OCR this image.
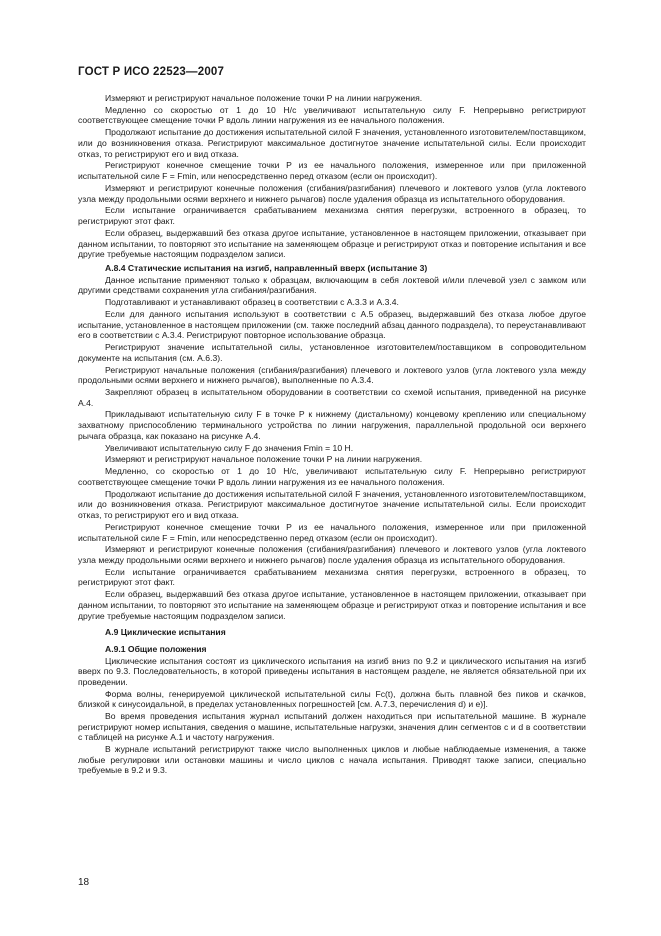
ГОСТ Р ИСО 22523—2007

Измеряют и регистрируют начальное положение точки Р на линии нагружения.

Медленно со скоростью от 1 до 10 Н/с увеличивают испытательную силу F. Непрерывно регистрируют соответствующее смещение точки Р вдоль линии нагружения из ее начального положения.

Продолжают испытание до достижения испытательной силой F значения, установленного изготовителем/поставщиком, или до возникновения отказа. Регистрируют максимальное достигнутое значение испытательной силы. Если происходит отказ, то регистрируют его и вид отказа.

Регистрируют конечное смещение точки Р из ее начального положения, измеренное или при приложенной испытательной силе F = Fmin, или непосредственно перед отказом (если он происходит).

Измеряют и регистрируют конечные положения (сгибания/разгибания) плечевого и локтевого узлов (угла локтевого узла между продольными осями верхнего и нижнего рычагов) после удаления образца из испытательного оборудования.

Если испытание ограничивается срабатыванием механизма снятия перегрузки, встроенного в образец, то регистрируют этот факт.

Если образец, выдержавший без отказа другое испытание, установленное в настоящем приложении, отказывает при данном испытании, то повторяют это испытание на заменяющем образце и регистрируют отказ и повторение испытания и все другие требуемые настоящим подразделом записи.

А.8.4 Статические испытания на изгиб, направленный вверх (испытание 3)

Данное испытание применяют только к образцам, включающим в себя локтевой и/или плечевой узел с замком или другими средствами сохранения угла сгибания/разгибания.

Подготавливают и устанавливают образец в соответствии с А.3.3 и А.3.4.

Если для данного испытания используют в соответствии с А.5 образец, выдержавший без отказа любое другое испытание, установленное в настоящем приложении (см. также последний абзац данного подраздела), то переустанавливают его в соответствии с А.3.4. Регистрируют повторное использование образца.

Регистрируют значение испытательной силы, установленное изготовителем/поставщиком в сопроводительном документе на испытания (см. А.6.3).

Регистрируют начальные положения (сгибания/разгибания) плечевого и локтевого узлов (угла локтевого узла между продольными осями верхнего и нижнего рычагов), выполненные по А.3.4.

Закрепляют образец в испытательном оборудовании в соответствии со схемой испытания, приведенной на рисунке А.4.

Прикладывают испытательную силу F в точке Р к нижнему (дистальному) концевому креплению или специальному захватному приспособлению терминального устройства по линии нагружения, параллельной продольной оси верхнего рычага образца, как показано на рисунке А.4.

Увеличивают испытательную силу F до значения Fmin = 10 Н.

Измеряют и регистрируют начальное положение точки Р на линии нагружения.

Медленно, со скоростью от 1 до 10 Н/с, увеличивают испытательную силу F. Непрерывно регистрируют соответствующее смещение точки Р вдоль линии нагружения из ее начального положения.

Продолжают испытание до достижения испытательной силой F значения, установленного изготовителем/поставщиком, или до возникновения отказа. Регистрируют максимальное достигнутое значение испытательной силы. Если происходит отказ, то регистрируют его и вид отказа.

Регистрируют конечное смещение точки Р из ее начального положения, измеренное или при приложенной испытательной силе F = Fmin, или непосредственно перед отказом (если он происходит).

Измеряют и регистрируют конечные положения (сгибания/разгибания) плечевого и локтевого узлов (угла локтевого узла между продольными осями верхнего и нижнего рычагов) после удаления образца из испытательного оборудования.

Если испытание ограничивается срабатыванием механизма снятия перегрузки, встроенного в образец, то регистрируют этот факт.

Если образец, выдержавший без отказа другое испытание, установленное в настоящем приложении, отказывает при данном испытании, то повторяют это испытание на заменяющем образце и регистрируют отказ и повторение испытания и все другие требуемые настоящим подразделом записи.

А.9 Циклические испытания

А.9.1 Общие положения

Циклические испытания состоят из циклического испытания на изгиб вниз по 9.2 и циклического испытания на изгиб вверх по 9.3. Последовательность, в которой приведены испытания в настоящем разделе, не является обязательной при их проведении.

Форма волны, генерируемой циклической испытательной силы Fc(t), должна быть плавной без пиков и скачков, близкой к синусоидальной, в пределах установленных погрешностей [см. А.7.3, перечисления d) и e)].

Во время проведения испытания журнал испытаний должен находиться при испытательной машине. В журнале регистрируют номер испытания, сведения о машине, испытательные нагрузки, значения длин сегментов с и d в соответствии с таблицей на рисунке А.1 и частоту нагружения.

В журнале испытаний регистрируют также число выполненных циклов и любые наблюдаемые изменения, а также любые регулировки или остановки машины и число циклов с начала испытания. Приводят также записи, специально требуемые в 9.2 и 9.3.

18
